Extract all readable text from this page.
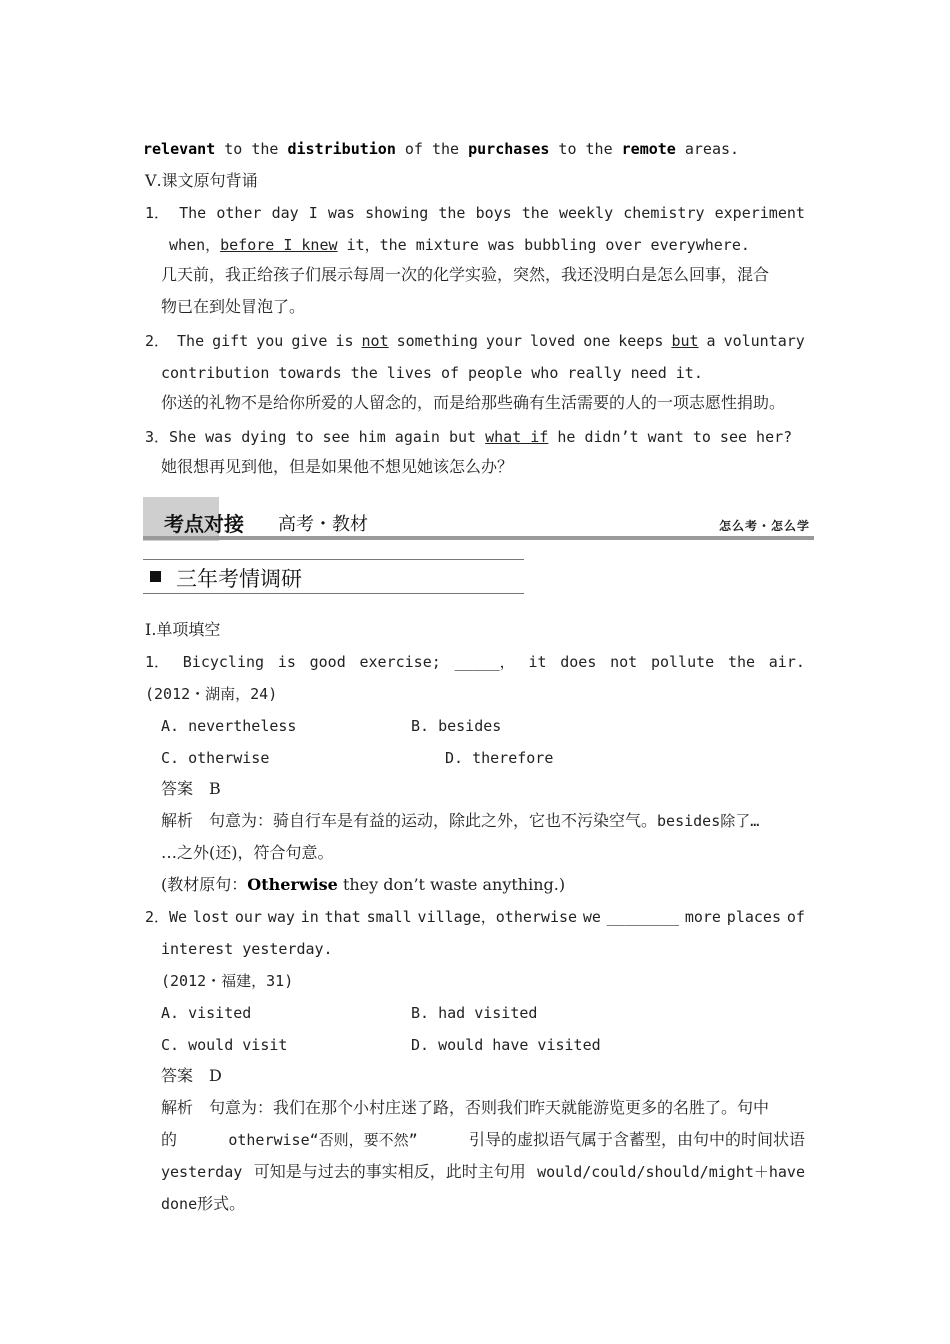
relevant to the distribution of the purchases to the remote areas.
Ⅴ.课文原句背诵
1． The other day I was showing the boys the weekly chemistry experiment
when，before I knew it，the mixture was bubbling over everywhere.
几天前，我正给孩子们展示每周一次的化学实验，突然，我还没明白是怎么回事，混合
物已在到处冒泡了。
2． The gift you give is not something your loved one keeps but a voluntary
contribution towards the lives of people who really need it.
你送的礼物不是给你所爱的人留念的，而是给那些确有生活需要的人的一项志愿性捐助。
3．She was dying to see him again but what if he didn’t want to see her?
她很想再见到他，但是如果他不想见她该怎么办？
考点对接 高考・教材	怎么考・怎么学
三年考情调研
Ⅰ.单项填空
1． Bicycling is good exercise; _____， it does not pollute the air.
(2012・湖南，24)
A. nevertheless	B. besides
C. otherwise	D. therefore
答案　B
解析　句意为：骑自行车是有益的运动，除此之外，它也不污染空气。besides除了…
…之外(还)，符合句意。
(教材原句：Otherwise they don’t waste anything.)
2．We lost our way in that small village，otherwise we ________ more places of
interest yesterday.
(2012・福建，31)
A. visited	B. had visited
C. would visit	D. would have visited
答案　D
解析　句意为：我们在那个小村庄迷了路，否则我们昨天就能游览更多的名胜了。句中
的	otherwise“否则，要不然”	引导的虚拟语气属于含蓄型，由句中的时间状语
yesterday 可知是与过去的事实相反，此时主句用 would/could/should/might＋have
done形式。
